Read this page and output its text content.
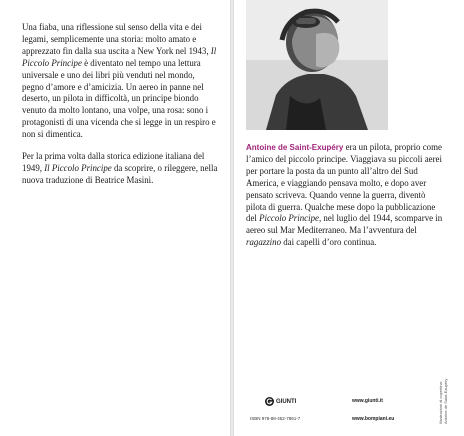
Una fiaba, una riflessione sul senso della vita e dei legami, semplicemente una storia: molto amato e apprezzato fin dalla sua uscita a New York nel 1943, Il Piccolo Principe è diventato nel tempo una lettura universale e uno dei libri più venduti nel mondo, pegno d’amore e d’amicizia. Un aereo in panne nel deserto, un pilota in difficoltà, un principe biondo venuto da molto lontano, una volpe, una rosa: sono i protagonisti di una vicenda che si legge in un respiro e non si dimentica.

Per la prima volta dalla storica edizione italiana del 1949, Il Piccolo Principe da scoprire, o rileggere, nella nuova traduzione di Beatrice Masini.

Antoine de Saint-Exupéry era un pilota, proprio come l’amico del piccolo principe. Viaggiava su piccoli aerei per portare la posta da un punto all’altro del Sud America, e viaggiando pensava molto, e dopo aver pensato scriveva. Quando venne la guerra, diventò pilota di guerra. Qualche mese dopo la pubblicazione del Piccolo Principe, nel luglio del 1944, scomparve in aereo sul Mar Mediterraneo. Ma l’avventura del ragazzino dai capelli d’oro continua.
Illustrazioni di copertina: Antoine de Saint-Exupéry
GIUNTI
ISBN 978-88-452-7861-7
www.giunti.it
www.bompiani.eu
